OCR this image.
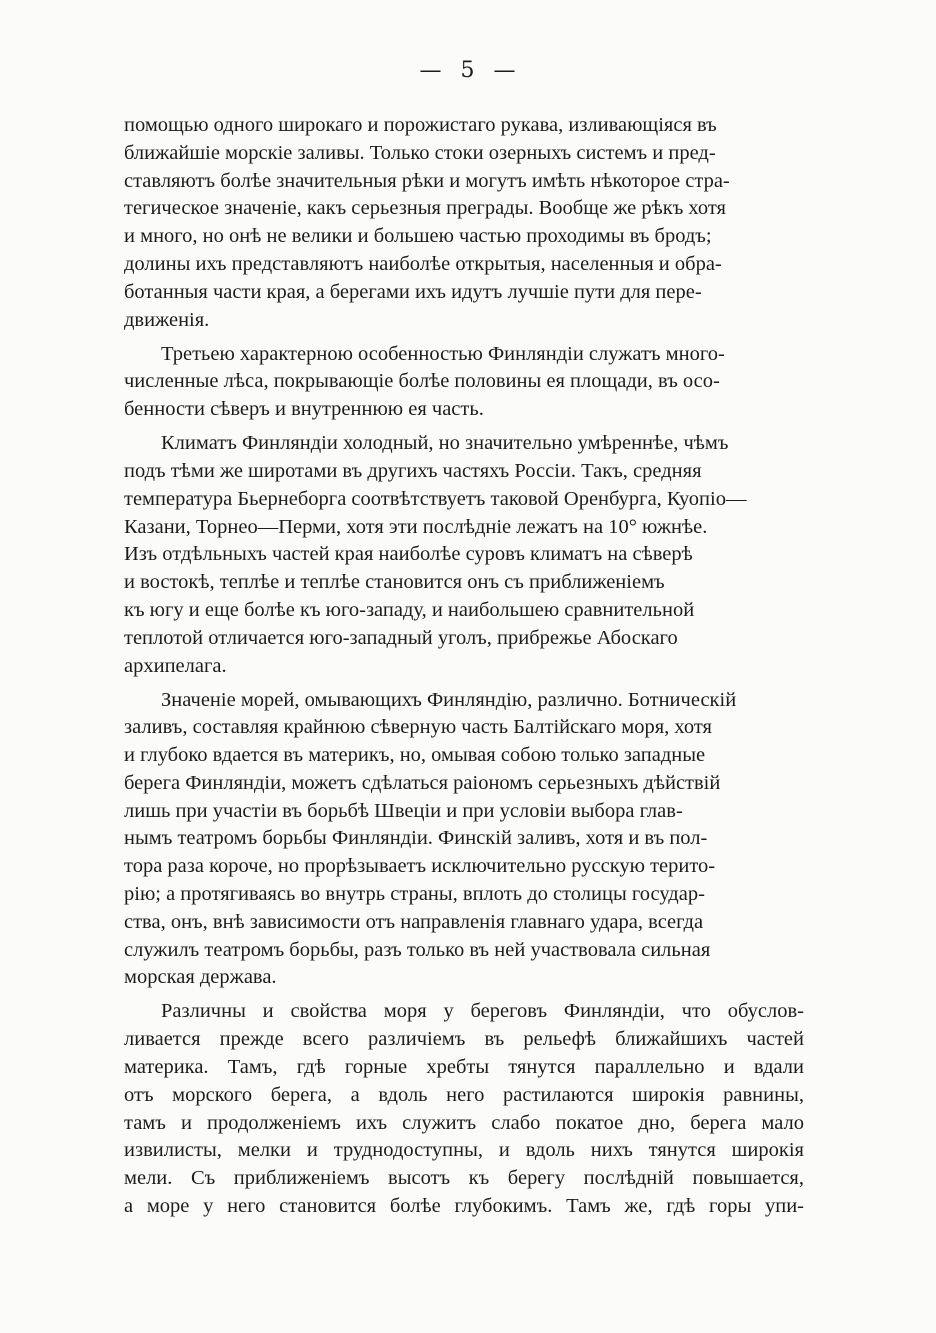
— 5 —

помощью одного широкаго и порожистаго рукава, изливающіяся въ
ближайшіе морскіе заливы. Только стоки озерныхъ системъ и пред-
ставляютъ болѣе значительныя рѣки и могутъ имѣть нѣкоторое стра-
тегическое значеніе, какъ серьезныя преграды. Вообще же рѣкъ хотя
и много, но онѣ не велики и большею частью проходимы въ бродъ;
долины ихъ представляютъ наиболѣе открытыя, населенныя и обра-
ботанныя части края, а берегами ихъ идутъ лучшіе пути для пере-
движенія.

Третьею характерною особенностью Финляндіи служатъ много-
численные лѣса, покрывающіе болѣе половины ея площади, въ осо-
бенности сѣверъ и внутреннюю ея часть.

Климатъ Финляндіи холодный, но значительно умѣреннѣе, чѣмъ
подъ тѣми же широтами въ другихъ частяхъ Россіи. Такъ, средняя
температура Бьернеборга соотвѣтствуетъ таковой Оренбурга, Куопіо—
Казани, Торнео—Перми, хотя эти послѣдніе лежатъ на 10° южнѣе.
Изъ отдѣльныхъ частей края наиболѣе суровъ климатъ на сѣверѣ
и востокѣ, теплѣе и теплѣе становится онъ съ приближеніемъ
къ югу и еще болѣе къ юго-западу, и наибольшею сравнительной
теплотой отличается юго-западный уголъ, прибрежье Абоскаго
архипелага.

Значеніе морей, омывающихъ Финляндію, различно. Ботническій
заливъ, составляя крайнюю сѣверную часть Балтійскаго моря, хотя
и глубоко вдается въ материкъ, но, омывая собою только западные
берега Финляндіи, можетъ сдѣлаться раіономъ серьезныхъ дѣйствій
лишь при участіи въ борьбѣ Швеціи и при условіи выбора глав-
нымъ театромъ борьбы Финляндіи. Финскій заливъ, хотя и въ пол-
тора раза короче, но прорѣзываетъ исключительно русскую терито-
рію; а протягиваясь во внутрь страны, вплоть до столицы государ-
ства, онъ, внѣ зависимости отъ направленія главнаго удара, всегда
служилъ театромъ борьбы, разъ только въ ней участвовала сильная
морская держава.

Различны и свойства моря у береговъ Финляндіи, что обуслов-
ливается прежде всего различіемъ въ рельефѣ ближайшихъ частей
материка. Тамъ, гдѣ горные хребты тянутся параллельно и вдали
отъ морского берега, а вдоль него растилаются широкія равнины,
тамъ и продолженіемъ ихъ служитъ слабо покатое дно, берега мало
извилисты, мелки и труднодоступны, и вдоль нихъ тянутся широкія
мели. Съ приближеніемъ высотъ къ берегу послѣдній повышается,
а море у него становится болѣе глубокимъ. Тамъ же, гдѣ горы упи-
